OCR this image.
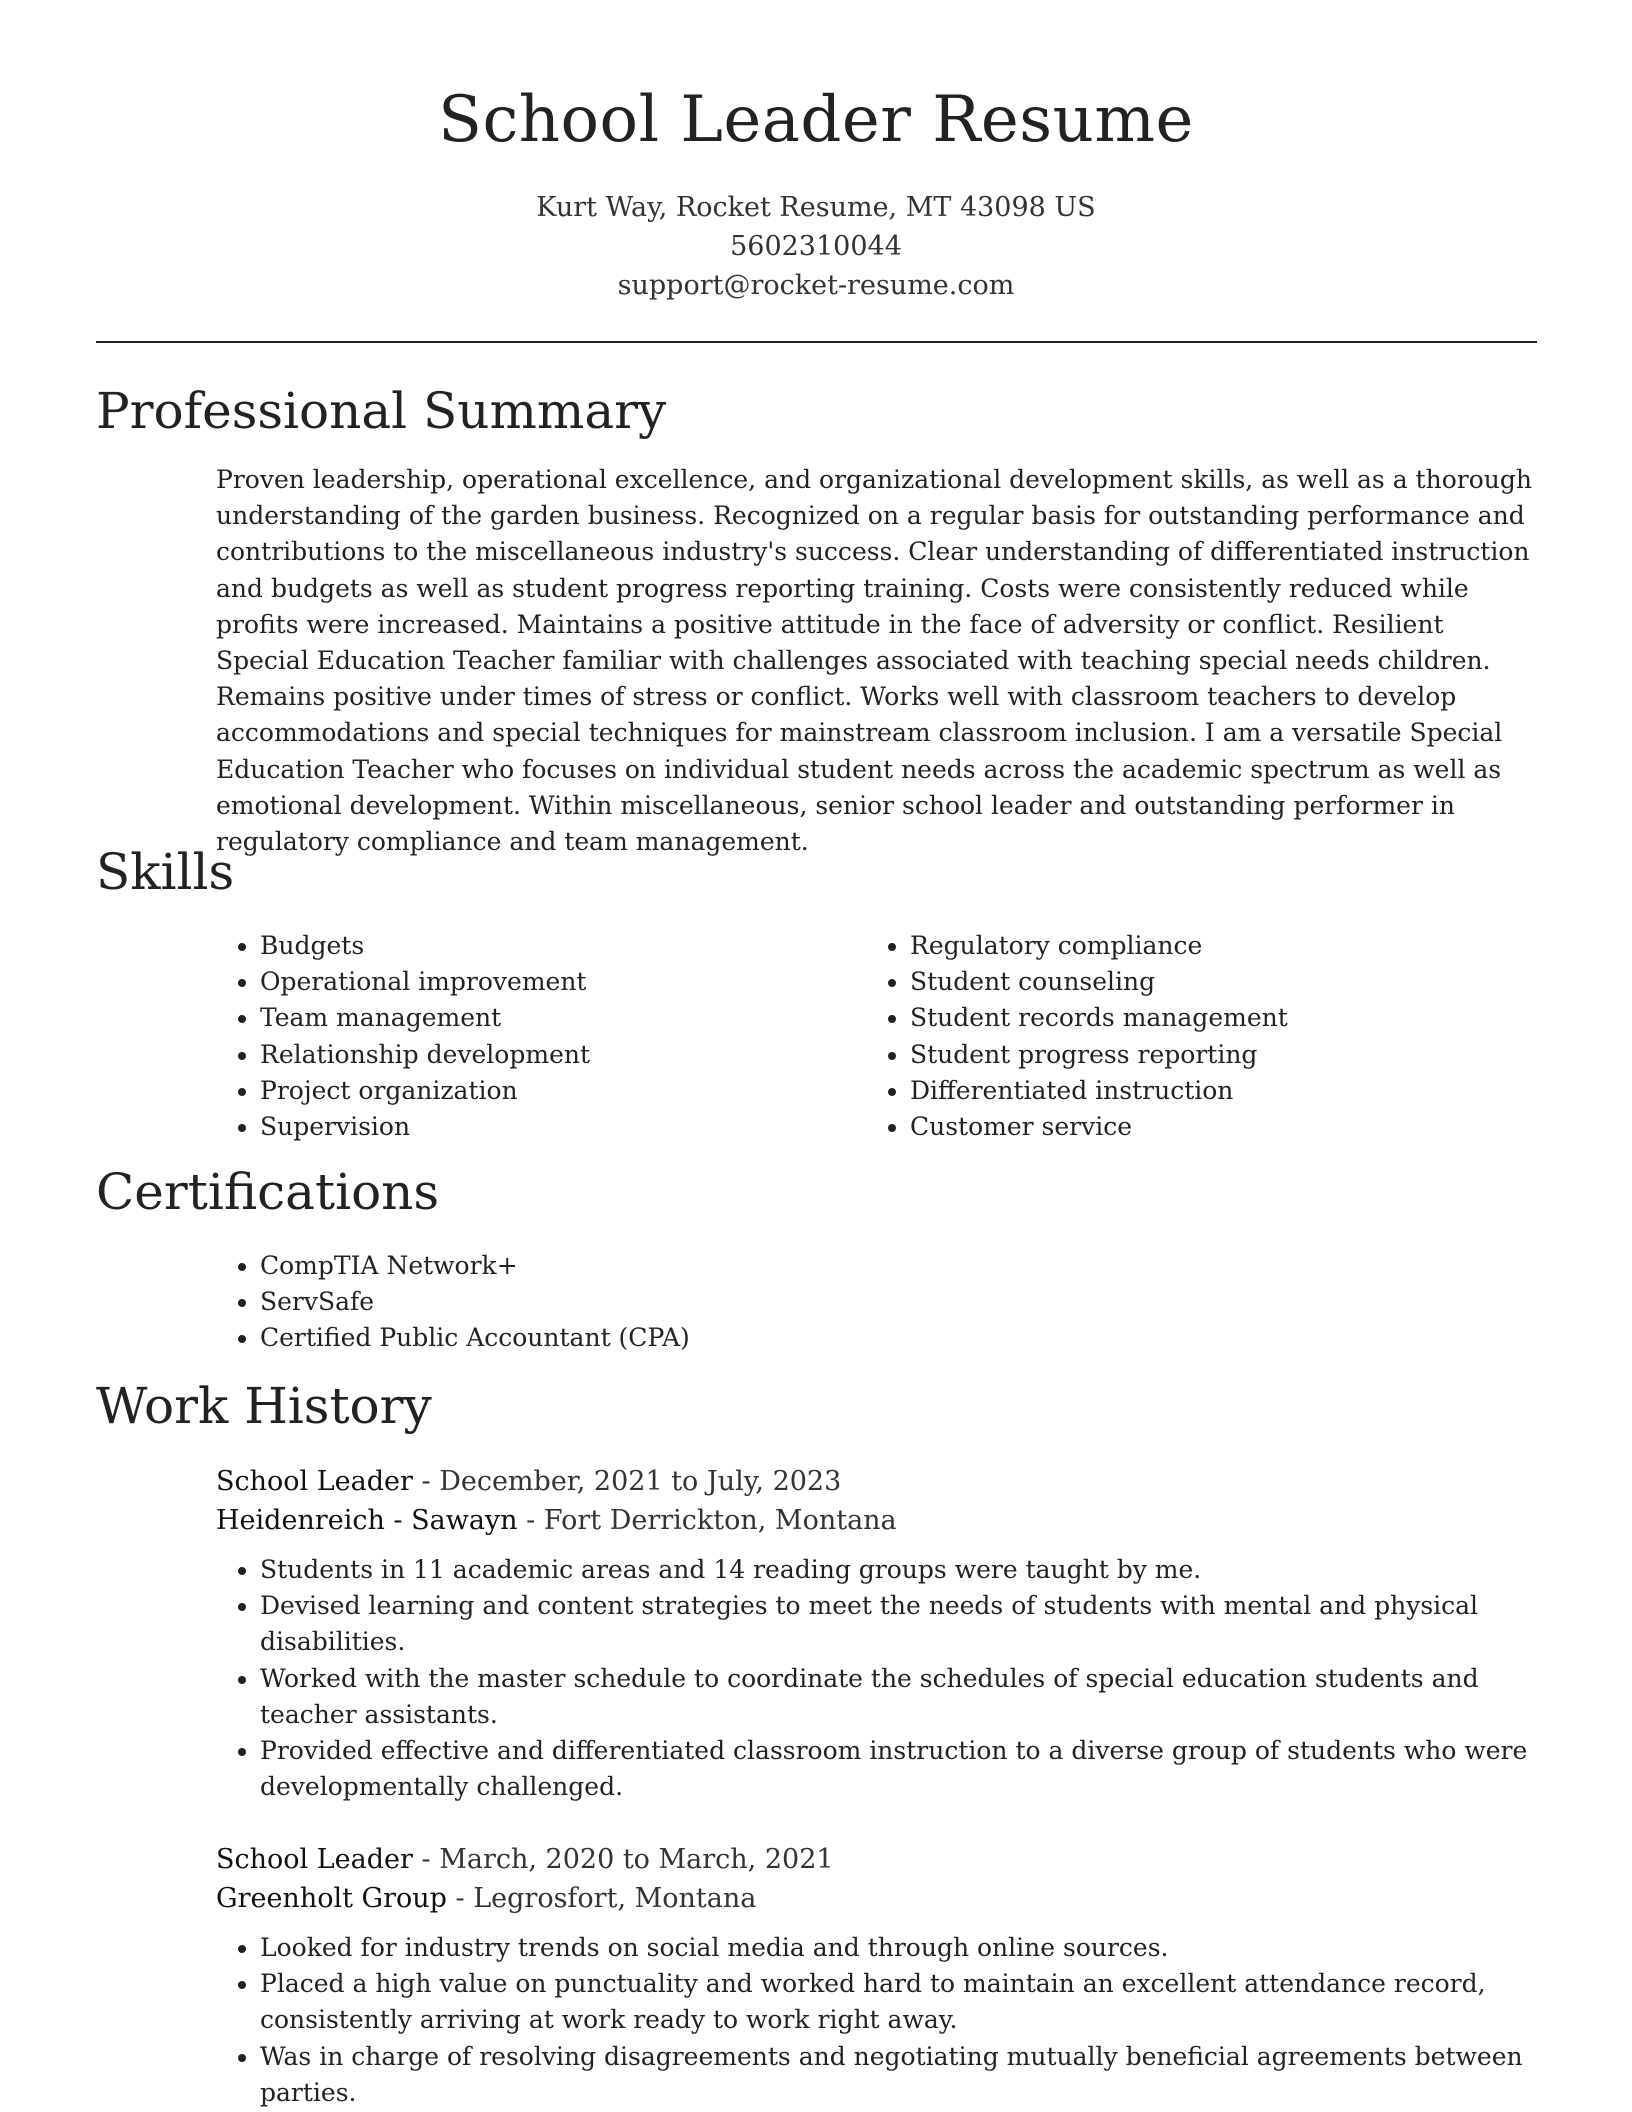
School Leader Resume
Kurt Way, Rocket Resume, MT 43098 US
5602310044
support@rocket-resume.com
Professional Summary

Proven leadership, operational excellence, and organizational development skills, as well as a thorough understanding of the garden business. Recognized on a regular basis for outstanding performance and contributions to the miscellaneous industry's success. Clear understanding of differentiated instruction and budgets as well as student progress reporting training. Costs were consistently reduced while profits were increased. Maintains a positive attitude in the face of adversity or conflict. Resilient Special Education Teacher familiar with challenges associated with teaching special needs children. Remains positive under times of stress or conflict. Works well with classroom teachers to develop accommodations and special techniques for mainstream classroom inclusion. I am a versatile Special Education Teacher who focuses on individual student needs across the academic spectrum as well as emotional development. Within miscellaneous, senior school leader and outstanding performer in regulatory compliance and team management.

Skills
• Budgets
• Operational improvement
• Team management
• Relationship development
• Project organization
• Supervision
• Regulatory compliance
• Student counseling
• Student records management
• Student progress reporting
• Differentiated instruction
• Customer service
Certifications
• CompTIA Network+
• ServSafe
• Certified Public Accountant (CPA)
Work History

School Leader - December, 2021 to July, 2023

Heidenreich - Sawayn - Fort Derrickton, Montana

• Students in 11 academic areas and 14 reading groups were taught by me.
• Devised learning and content strategies to meet the needs of students with mental and physical disabilities.
• Worked with the master schedule to coordinate the schedules of special education students and teacher assistants.
• Provided effective and differentiated classroom instruction to a diverse group of students who were developmentally challenged.

School Leader - March, 2020 to March, 2021

Greenholt Group - Legrosfort, Montana

• Looked for industry trends on social media and through online sources.
• Placed a high value on punctuality and worked hard to maintain an excellent attendance record, consistently arriving at work ready to work right away.
• Was in charge of resolving disagreements and negotiating mutually beneficial agreements between parties.
